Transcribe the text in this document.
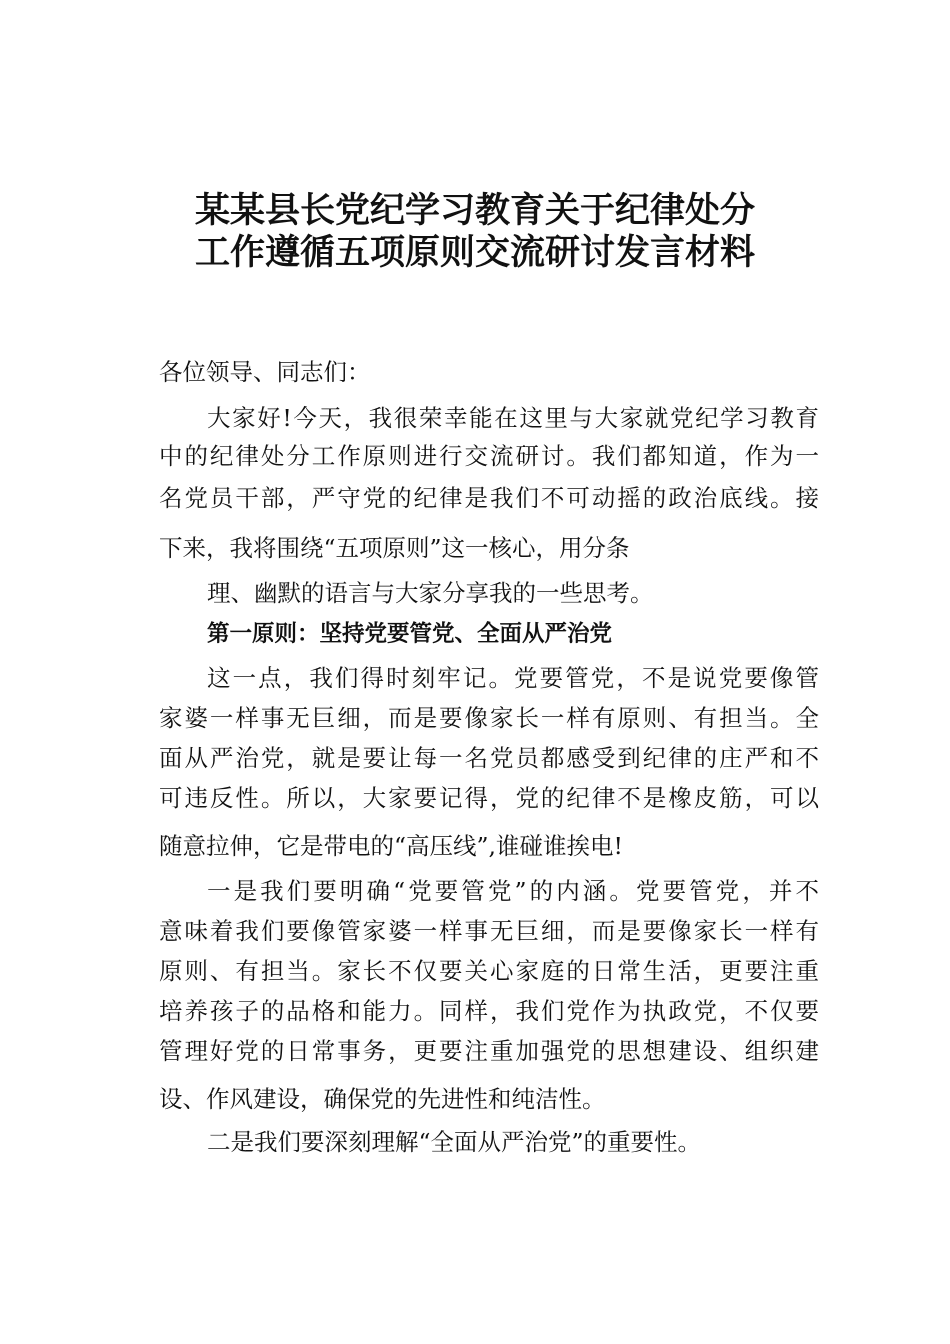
某某县长党纪学习教育关于纪律处分
工作遵循五项原则交流研讨发言材料
各位领导、同志们：
大家好!今天，我很荣幸能在这里与大家就党纪学习教育
中的纪律处分工作原则进行交流研讨。我们都知道，作为一
名党员干部，严守党的纪律是我们不可动摇的政治底线。接
下来，我将围绕“五项原则”这一核心，用分条
理、幽默的语言与大家分享我的一些思考。
第一原则：坚持党要管党、全面从严治党
这一点，我们得时刻牢记。党要管党，不是说党要像管
家婆一样事无巨细，而是要像家长一样有原则、有担当。全
面从严治党，就是要让每一名党员都感受到纪律的庄严和不
可违反性。所以，大家要记得，党的纪律不是橡皮筋，可以
随意拉伸，它是带电的“高压线”,谁碰谁挨电!
一是我们要明确“党要管党”的内涵。党要管党，并不
意味着我们要像管家婆一样事无巨细，而是要像家长一样有
原则、有担当。家长不仅要关心家庭的日常生活，更要注重
培养孩子的品格和能力。同样，我们党作为执政党，不仅要
管理好党的日常事务，更要注重加强党的思想建设、组织建
设、作风建设，确保党的先进性和纯洁性。
二是我们要深刻理解“全面从严治党”的重要性。
